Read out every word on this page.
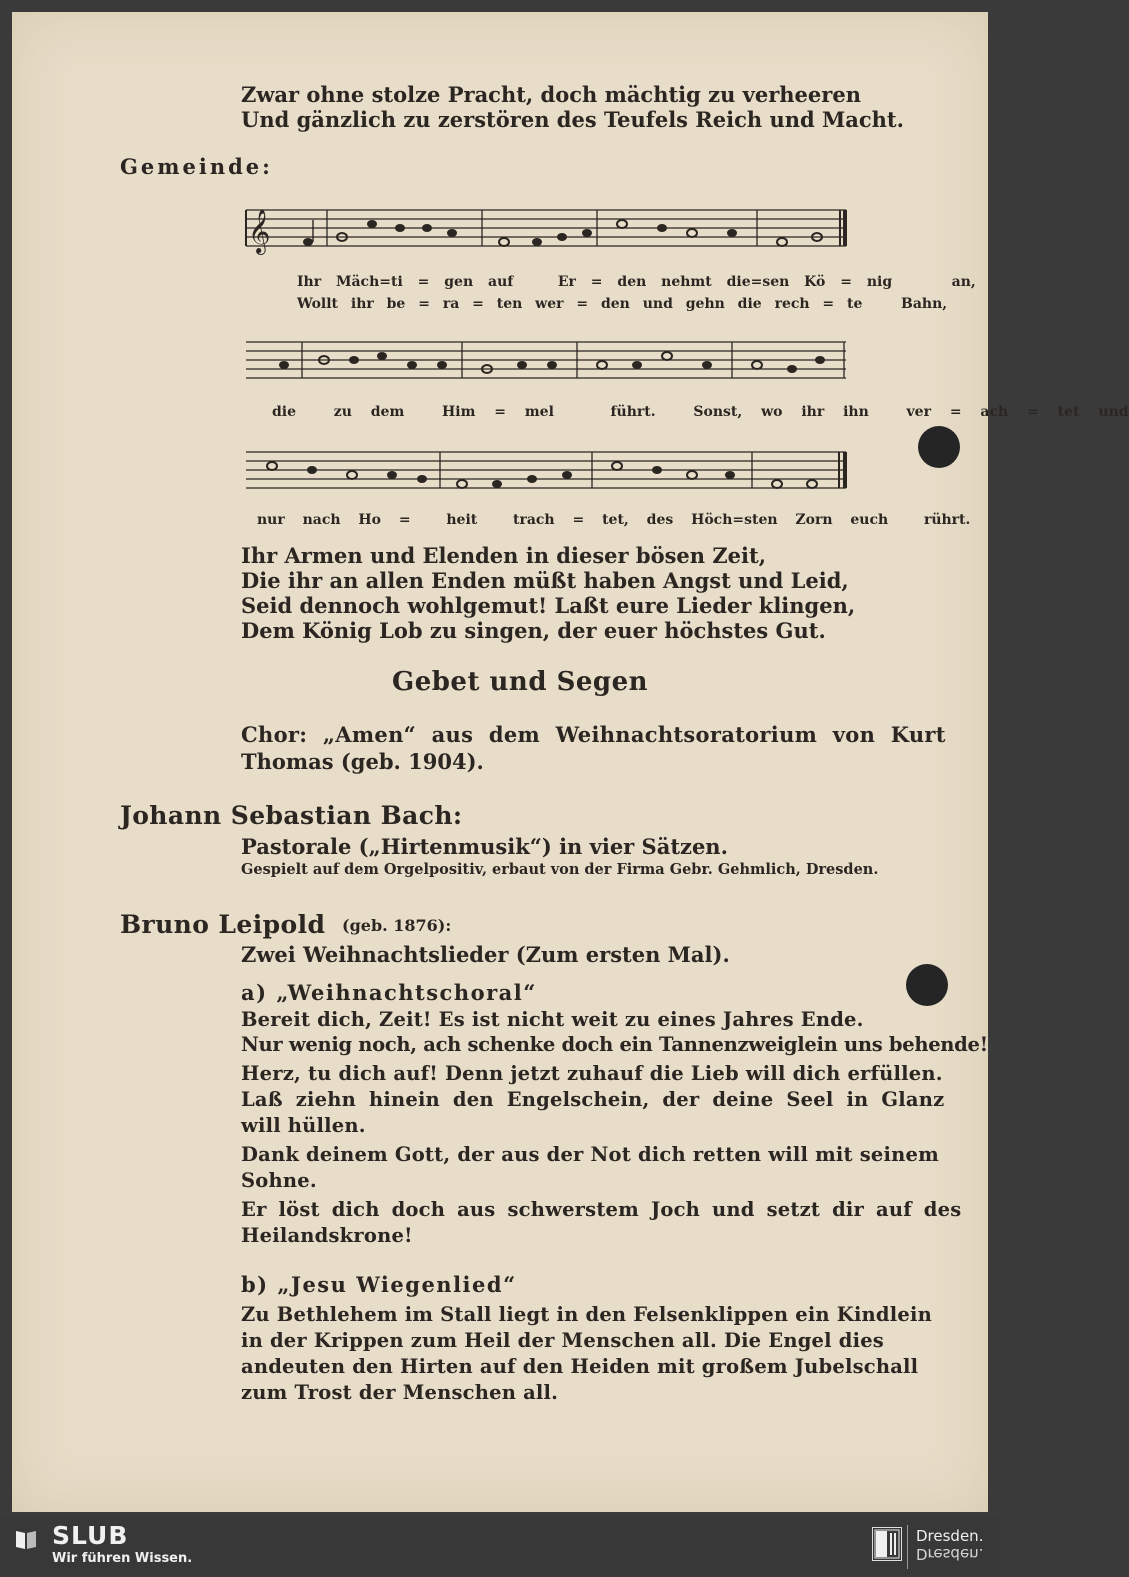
Zwar ohne stolze Pracht, doch mächtig zu verheeren
Und gänzlich zu zerstören des Teufels Reich und Macht.
Gemeinde:
𝄞
Ihr Mäch=ti = gen auf   Er = den nehmt die=sen Kö = nig    an,
Wollt ihr be = ra = ten wer = den und gehn die rech = te   Bahn,
die  zu dem  Him = mel   führt.  Sonst, wo ihr ihn  ver = ach = tet und
nur nach Ho =  heit  trach = tet, des Höch=sten Zorn euch  rührt.
Ihr Armen und Elenden in dieser bösen Zeit,
Die ihr an allen Enden müßt haben Angst und Leid,
Seid dennoch wohlgemut! Laßt eure Lieder klingen,
Dem König Lob zu singen, der euer höchstes Gut.
Gebet und Segen
Chor: „Amen“ aus dem Weihnachtsoratorium von Kurt
Thomas (geb. 1904).
Johann Sebastian Bach:
Pastorale („Hirtenmusik“) in vier Sätzen.
Gespielt auf dem Orgelpositiv, erbaut von der Firma Gebr. Gehmlich, Dresden.
Bruno Leipold (geb. 1876):
Zwei Weihnachtslieder (Zum ersten Mal).
a) „Weihnachtschoral“
Bereit dich, Zeit! Es ist nicht weit zu eines Jahres Ende.
Nur wenig noch, ach schenke doch ein Tannenzweiglein uns behende!
Herz, tu dich auf! Denn jetzt zuhauf die Lieb will dich erfüllen.
Laß ziehn hinein den Engelschein, der deine Seel in Glanz
will hüllen.
Dank deinem Gott, der aus der Not dich retten will mit seinem
Sohne.
Er löst dich doch aus schwerstem Joch und setzt dir auf des
Heilandskrone!
b) „Jesu Wiegenlied“
Zu Bethlehem im Stall liegt in den Felsenklippen ein Kindlein
in der Krippen zum Heil der Menschen all. Die Engel dies
andeuten den Hirten auf den Heiden mit großem Jubelschall
zum Trost der Menschen all.
SLUB
Wir führen Wissen.
Dresden.
Dresden.
